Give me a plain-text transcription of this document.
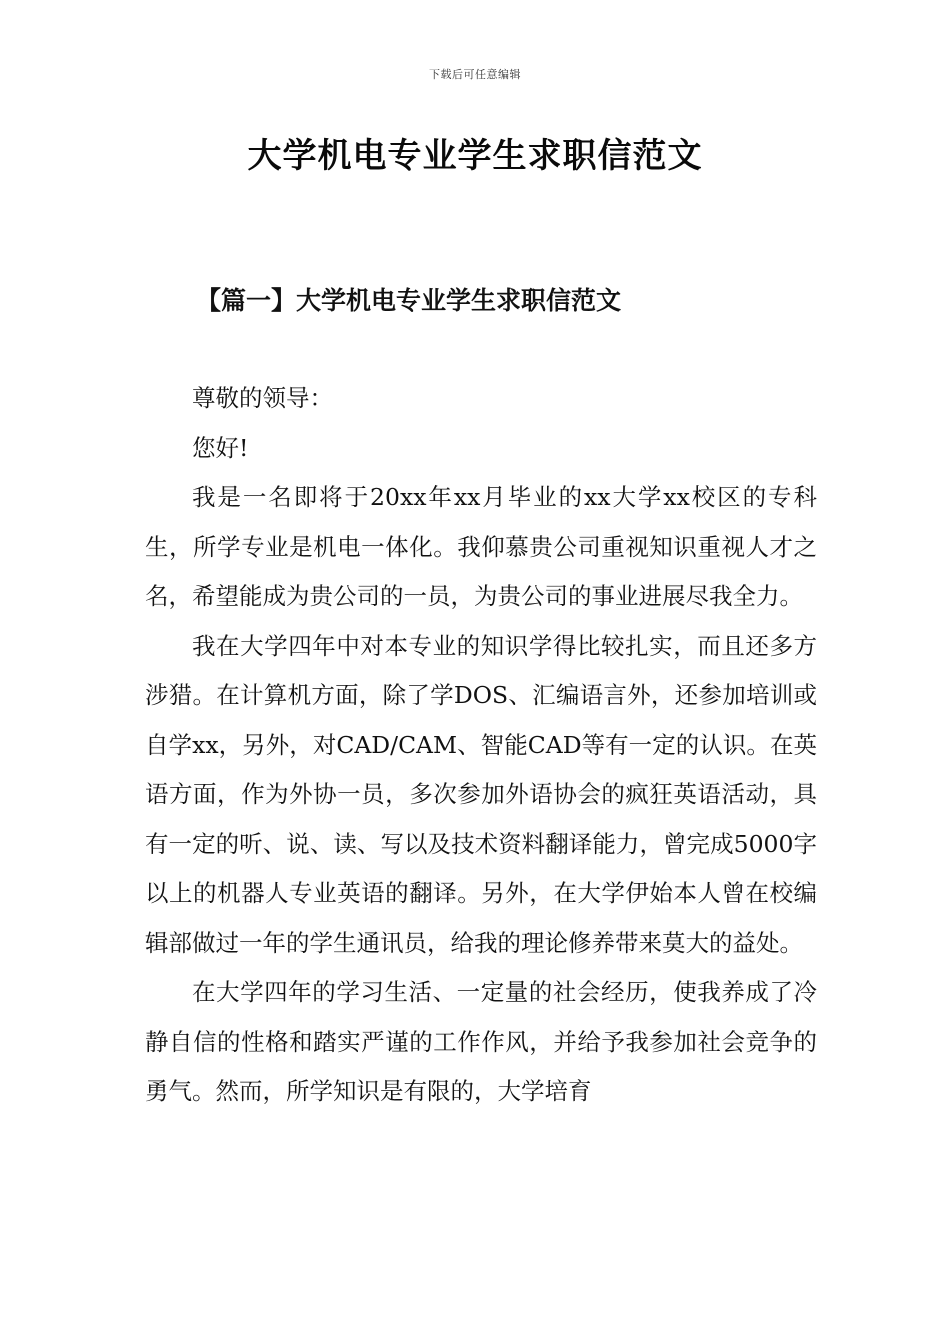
下载后可任意编辑
大学机电专业学生求职信范文
【篇一】大学机电专业学生求职信范文

尊敬的领导：

您好!

我是一名即将于20xx年xx月毕业的xx大学xx校区的专科生，所学专业是机电一体化。我仰慕贵公司重视知识重视人才之名，希望能成为贵公司的一员，为贵公司的事业进展尽我全力。

我在大学四年中对本专业的知识学得比较扎实，而且还多方涉猎。在计算机方面，除了学DOS、汇编语言外，还参加培训或自学xx，另外，对CAD/CAM、智能CAD等有一定的认识。在英语方面，作为外协一员，多次参加外语协会的疯狂英语活动，具有一定的听、说、读、写以及技术资料翻译能力，曾完成5000字以上的机器人专业英语的翻译。另外，在大学伊始本人曾在校编辑部做过一年的学生通讯员，给我的理论修养带来莫大的益处。

在大学四年的学习生活、一定量的社会经历，使我养成了冷静自信的性格和踏实严谨的工作作风，并给予我参加社会竞争的勇气。然而，所学知识是有限的，大学培育
